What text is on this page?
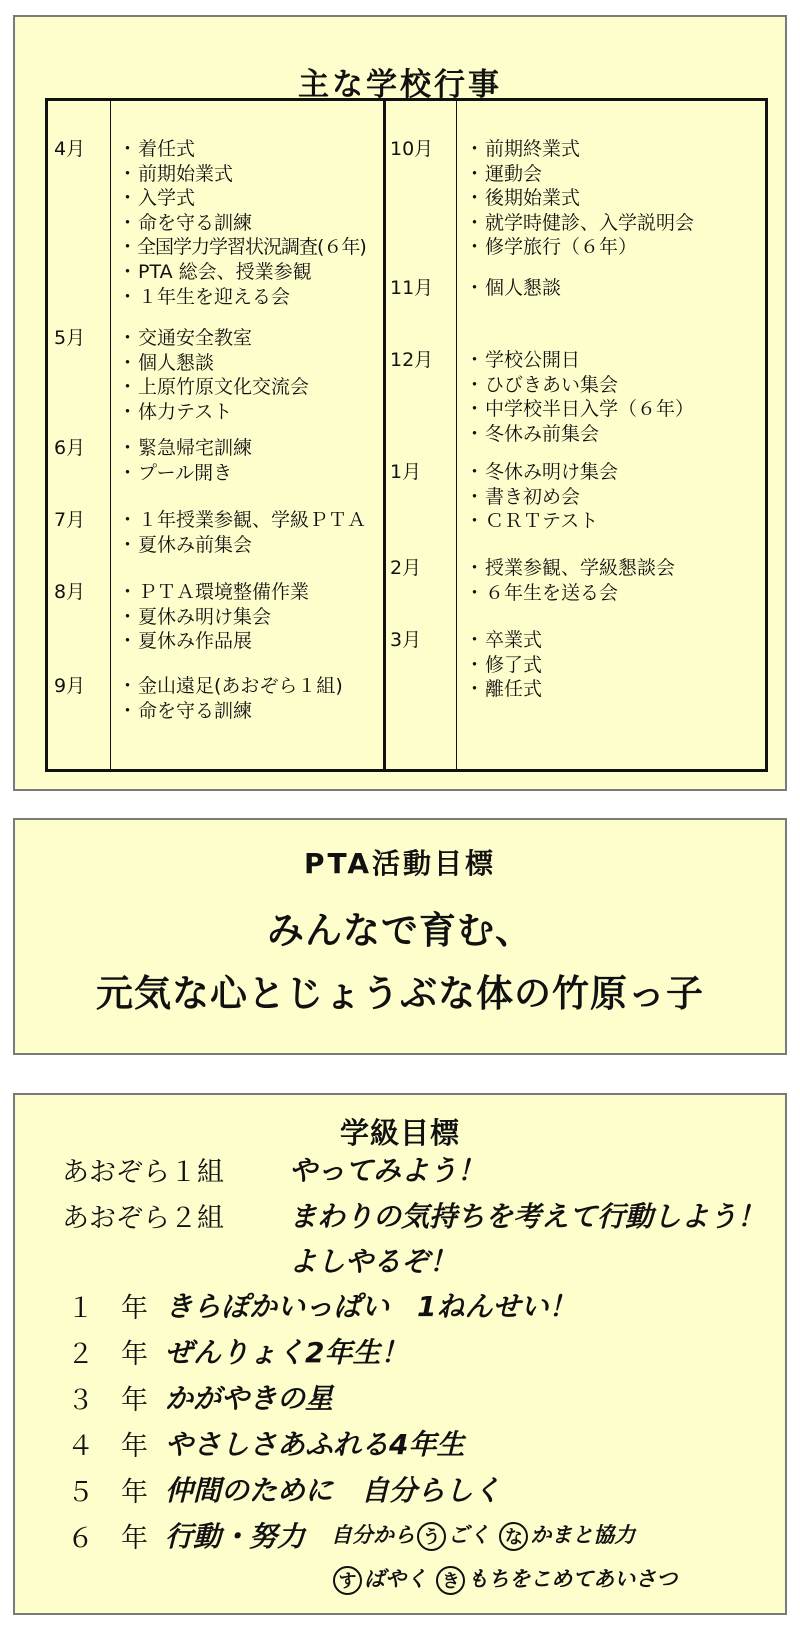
主な学校行事
4月	・ 着任式
・ 前期始業式
・ 入学式
・ 命を守る訓練
・ 全国学力学習状況調査(６年)
・ PTA 総会、授業参観
・ １年生を迎える会
5月	・ 交通安全教室
・ 個人懇談
・ 上原竹原文化交流会
・ 体力テスト
6月	・ 緊急帰宅訓練
・ プール開き
7月	・ １年授業参観、学級ＰＴＡ
・ 夏休み前集会
8月	・ ＰＴＡ環境整備作業
・ 夏休み明け集会
・ 夏休み作品展
9月	・ 金山遠足(あおぞら１組)
・ 命を守る訓練
10月	・ 前期終業式
・ 運動会
・ 後期始業式
・ 就学時健診、入学説明会
・ 修学旅行（６年）
11月	・ 個人懇談
12月	・ 学校公開日
・ ひびきあい集会
・ 中学校半日入学（６年）
・ 冬休み前集会
1月	・ 冬休み明け集会
・ 書き初め会
・ ＣＲＴテスト
2月	・ 授業参観、学級懇談会
・ ６年生を送る会
3月	・ 卒業式
・ 修了式
・ 離任式
PTA活動目標
みんなで育む、
元気な心とじょうぶな体の竹原っ子
学級目標
あおぞら１組 やってみよう！
あおぞら２組 まわりの気持ちを考えて行動しよう！
よしやるぞ！
１　年 きらぽかいっぱい　1ねんせい！
２　年 ぜんりょく2年生！
３　年 かがやきの星
４　年 やさしさあふれる4年生
５　年 仲間のために　自分らしく
６　年 行動・努力 自分から う ごく な かまと協力
す ばやく き もちをこめてあいさつ
